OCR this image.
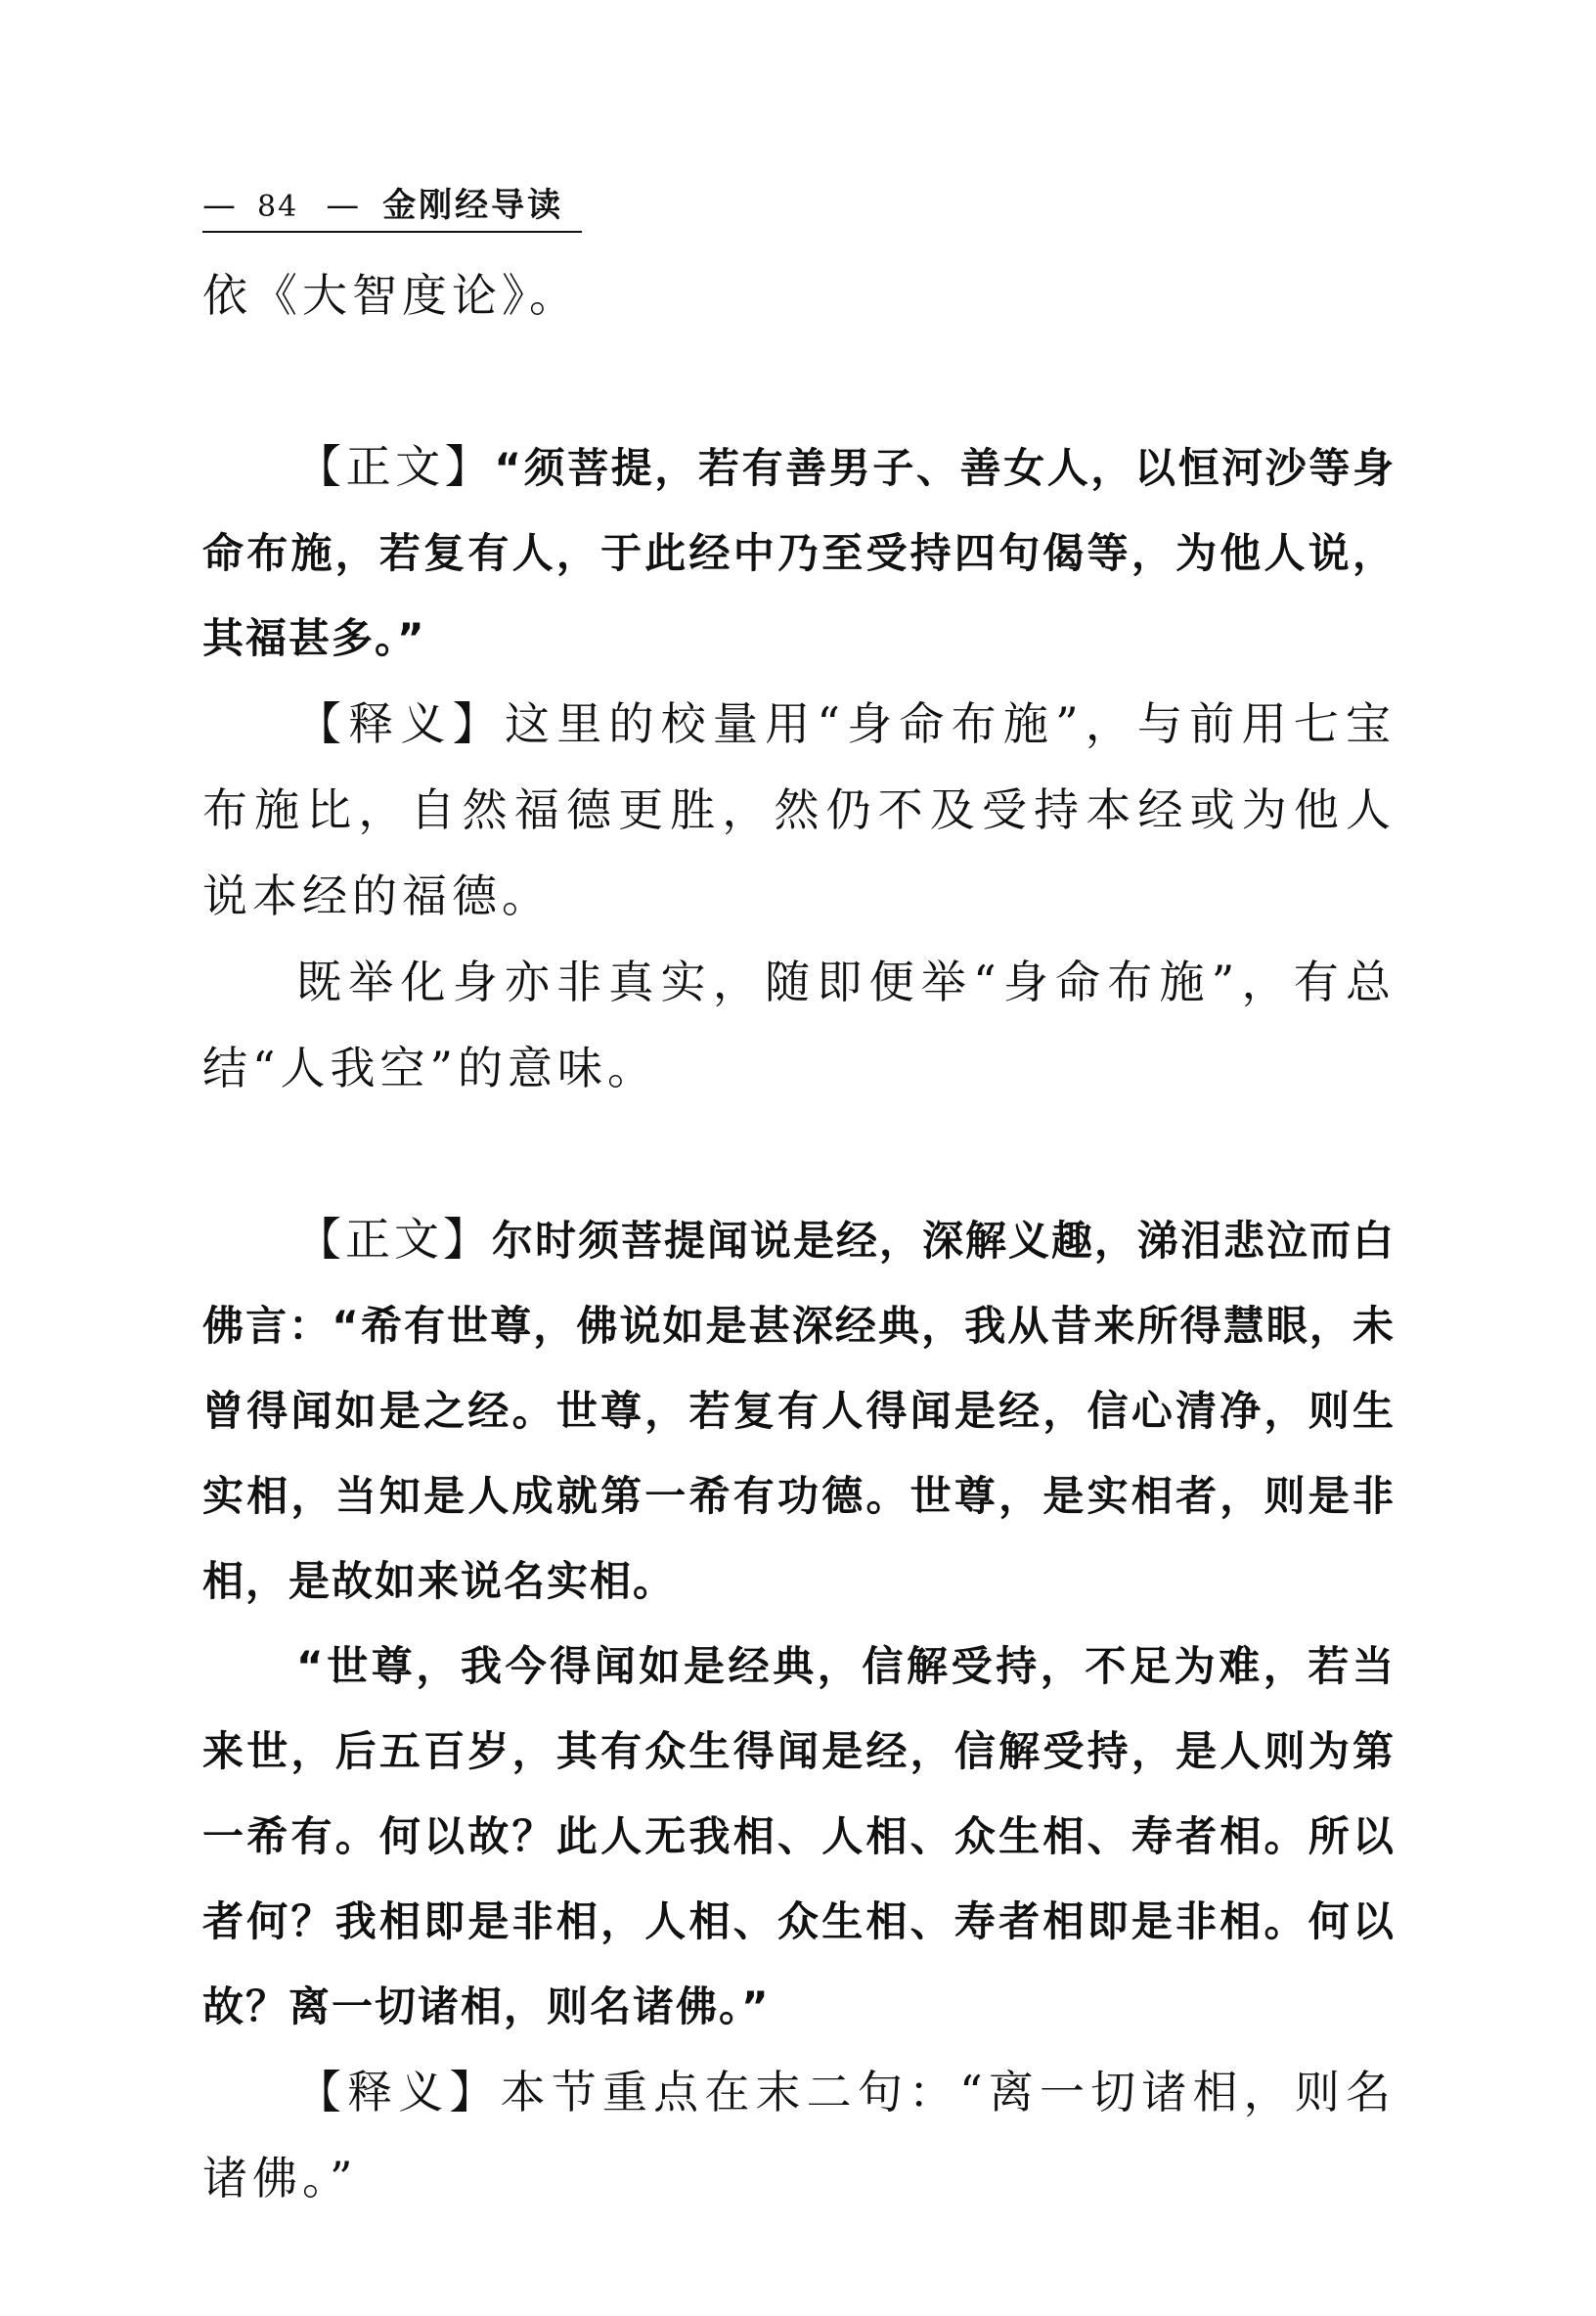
— 84 — 金刚经导读

依《大智度论》。

【正文】“须菩提，若有善男子、善女人，以恒河沙等身命布施，若复有人，于此经中乃至受持四句偈等，为他人说，其福甚多。”

【释义】这里的校量用“身命布施”，与前用七宝布施比，自然福德更胜，然仍不及受持本经或为他人说本经的福德。

既举化身亦非真实，随即便举“身命布施”，有总结“人我空”的意味。

【正文】尔时须菩提闻说是经，深解义趣，涕泪悲泣而白佛言：“希有世尊，佛说如是甚深经典，我从昔来所得慧眼，未曾得闻如是之经。世尊，若复有人得闻是经，信心清净，则生实相，当知是人成就第一希有功德。世尊，是实相者，则是非相，是故如来说名实相。

“世尊，我今得闻如是经典，信解受持，不足为难，若当来世，后五百岁，其有众生得闻是经，信解受持，是人则为第一希有。何以故？此人无我相、人相、众生相、寿者相。所以者何？我相即是非相，人相、众生相、寿者相即是非相。何以故？离一切诸相，则名诸佛。”

【释义】本节重点在末二句：“离一切诸相，则名诸佛。”
